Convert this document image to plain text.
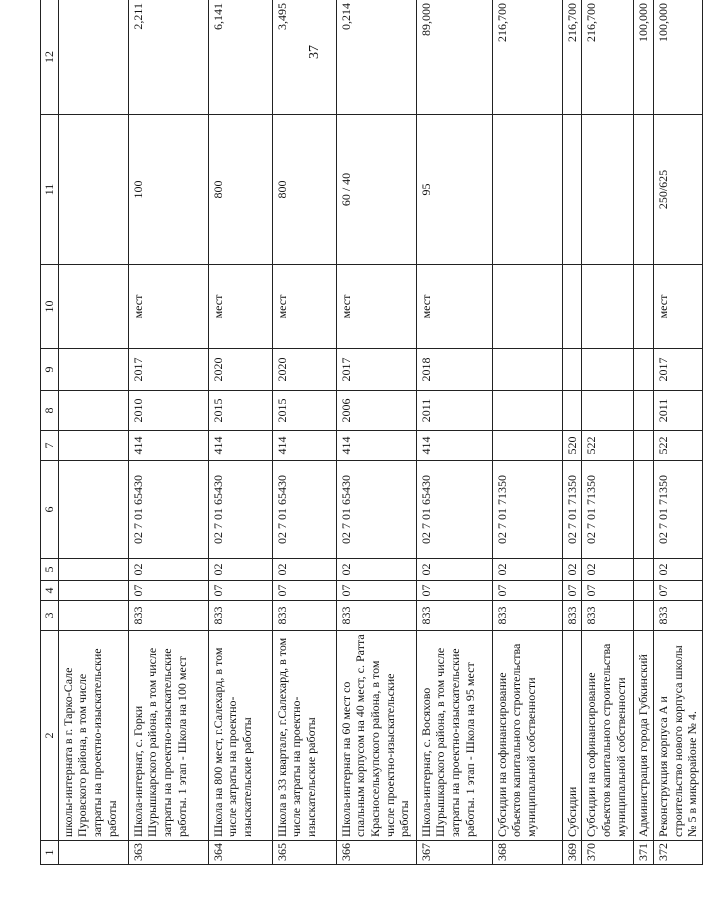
37
1	2	3	4	5	6	7	8	9	10	11	12
	школы-интерната в г. Тарко-Сале Пуровского района, в том числе затраты на проектно-изыскательские работы										
363	Школа-интернат, с. Горки Шурышкарского района, в том числе затраты на проектно-изыскательские работы. 1 этап - Школа на 100 мест	833	07	02	02 7 01 65430	414	2010	2017	мест	100	2,211
364	Школа на 800 мест, г.Салехард, в том числе затраты на проектно-изыскательские работы	833	07	02	02 7 01 65430	414	2015	2020	мест	800	6,141
365	Школа в 33 квартале, г.Салехард, в том числе затраты на проектно-изыскательские работы	833	07	02	02 7 01 65430	414	2015	2020	мест	800	3,495
366	Школа-интернат на 60 мест со спальным корпусом на 40 мест, с. Ратта Красноселькупского района, в том числе проектно-изыскательские работы	833	07	02	02 7 01 65430	414	2006	2017	мест	60 / 40	0,214
367	Школа-интернат, с. Восяхово Шурышкарского района, в том числе затраты на проектно-изыскательские работы. 1 этап - Школа на 95 мест	833	07	02	02 7 01 65430	414	2011	2018	мест	95	89,000
368	Субсидии на софинансирование объектов капитального строительства муниципальной собственности	833	07	02	02 7 01 71350						216,700
369	Субсидии	833	07	02	02 7 01 71350	520					216,700
370	Субсидии на софинансирование объектов капитального строительства муниципальной собственности	833	07	02	02 7 01 71350	522					216,700
371	Администрация города Губкинский										100,000
372	Реконструкция корпуса А и строительство нового корпуса школы № 5 в микрорайоне № 4.	833	07	02	02 7 01 71350	522	2011	2017	мест	250/625	100,000
